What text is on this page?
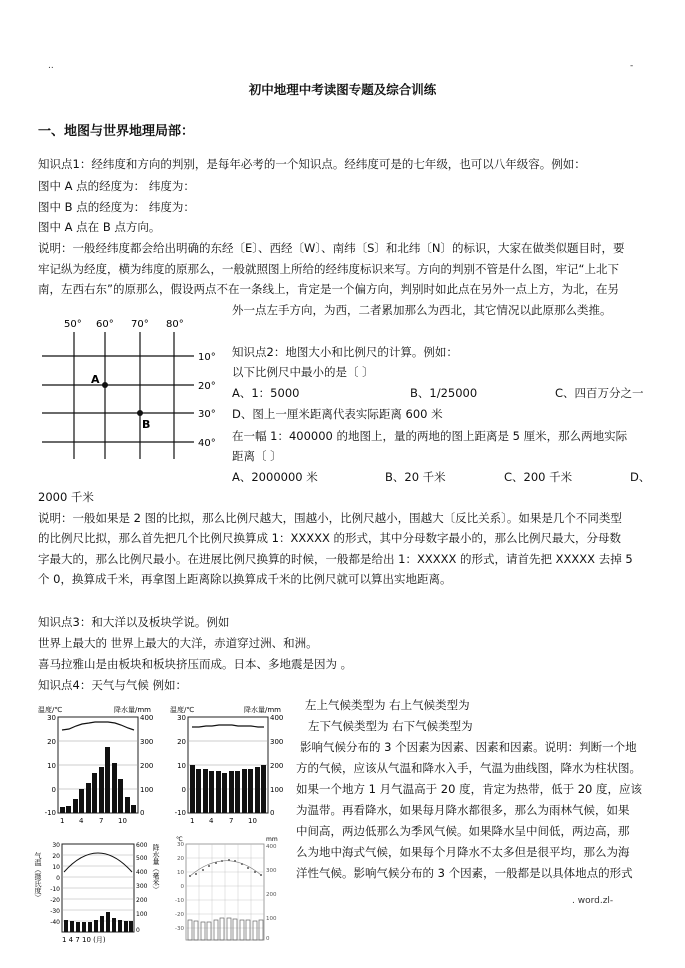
..	-
初中地理中考读图专题及综合训练
一、地图与世界地理局部：
知识点1：经纬度和方向的判别，是每年必考的一个知识点。经纬度可是的七年级，也可以八年级容。例如：
图中 A 点的经度为： 纬度为：
图中 B 点的经度为： 纬度为：
图中 A 点在 B 点方向。
说明：一般经纬度都会给出明确的东经〔E〕、西经〔W〕、南纬〔S〕和北纬〔N〕的标识，大家在做类似题目时，要
牢记纵为经度，横为纬度的原那么，一般就照图上所给的经纬度标识来写。方向的判别不管是什么图，牢记“上北下
南，左西右东”的原那么，假设两点不在一条线上，肯定是一个偏方向，判别时如此点在另外一点上方，为北，在另
外一点左手方向，为西，二者累加那么为西北，其它情况以此原那么类推。
50° 60° 70° 80°
10°
20°
30°
40°
A
B
知识点2：地图大小和比例尺的计算。例如：
以下比例尺中最小的是〔 〕
A、1：5000	B、1/25000	C、四百万分之一
D、图上一厘米距离代表实际距离 600 米
在一幅 1：400000 的地图上，量的两地的图上距离是 5 厘米，那么两地实际
距离〔 〕
A、2000000 米	B、20 千米	C、200 千米	D、
2000 千米
说明：一般如果是 2 图的比拟，那么比例尺越大，围越小，比例尺越小，围越大〔反比关系〕。如果是几个不同类型
的比例尺比拟，那么首先把几个比例尺换算成 1：XXXXX 的形式，其中分母数字最小的，那么比例尺最大，分母数
字最大的，那么比例尺最小。在进展比例尺换算的时候，一般都是给出 1：XXXXX 的形式，请首先把 XXXXX 去掉 5
个 0，换算成千米，再拿图上距离除以换算成千米的比例尺就可以算出实地距离。
知识点3：和大洋以及板块学说。例如
世界上最大的 世界上最大的大洋，赤道穿过洲、和洲。
喜马拉雅山是由板块和板块挤压而成。日本、多地震是因为 。
知识点4：天气与气候 例如：
左上气候类型为 右上气候类型为
左下气候类型为 右下气候类型为
影响气候分布的 3 个因素为因素、因素和因素。说明：判断一个地
方的气候，应该从气温和降水入手，气温为曲线图，降水为柱状图。
如果一个地方 1 月气温高于 20 度，肯定为热带，低于 20 度，应该
为温带。再看降水，如果每月降水都很多，那么为雨林气候，如果
中间高，两边低那么为季风气候。如果降水呈中间低，两边高，那
么为地中海式气候，如果每个月降水不太多但是很平均，那么为海
洋性气候。影响气候分布的 3 个因素，一般都是以具体地点的形式
温度/℃	降水量/mm
30
20
10
0
-10
400
300
200
100
0
1 4 7 10
温度/℃	降水量/mm
30
20
10
0
-10
400
300
200
100
0
1 4 7 10
气温（摄氏度）	降水量（毫米）
30
20
10
0
-10
-20
-30
-40
600
500
400
300
200
100
0
1 4 7 10 (月)
℃	mm
30
20
10
0
-10
-20
-30
400
300
200
100
0
. word.zl-
